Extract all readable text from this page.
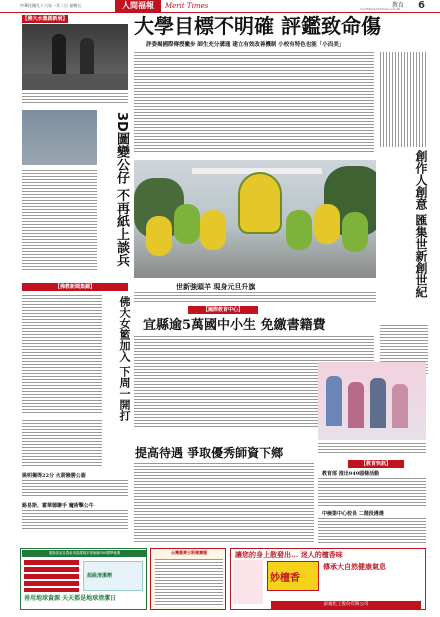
中華民國九十六年一月二日 星期五	人間福報	Merit Times	教育
merit@merit-times.com.tw 6
【佛大水墨創新展】
3D圖變公仔 不再紙上談兵
【佛教新聞集錦】
佛大女籃加入 下周一開打
姚明獨得22分 火箭險勝公鹿
路易斯、霍華德聯手 魔術擊公牛
大學目標不明確 評鑑致命傷
評委揭國際傳授撇步 師生充分溝通 建立有效改善機制 小校有特色也能「小而美」
世新強頭羊 現身元旦升旗	創作人創意 匯集世新創世紀
【國際教育中心】
宜縣逾5萬國中小生 免繳書籍費
提高待遇 爭取優秀師資下鄉
【教育快訊】
教育部 推出949頭條活動
中檢第中心校長 二階段遴選
通過食品及農產用清潔劑多項檢驗CNS標準檢測
超級清潔劑
善用地球資源 天天都是地球清潔日
台灣農業日新聞廣播	讓您的身上散發出... 迷人的檀香味
妙檀香
傳承大自然健康氣息
添福化工股份有限公司
